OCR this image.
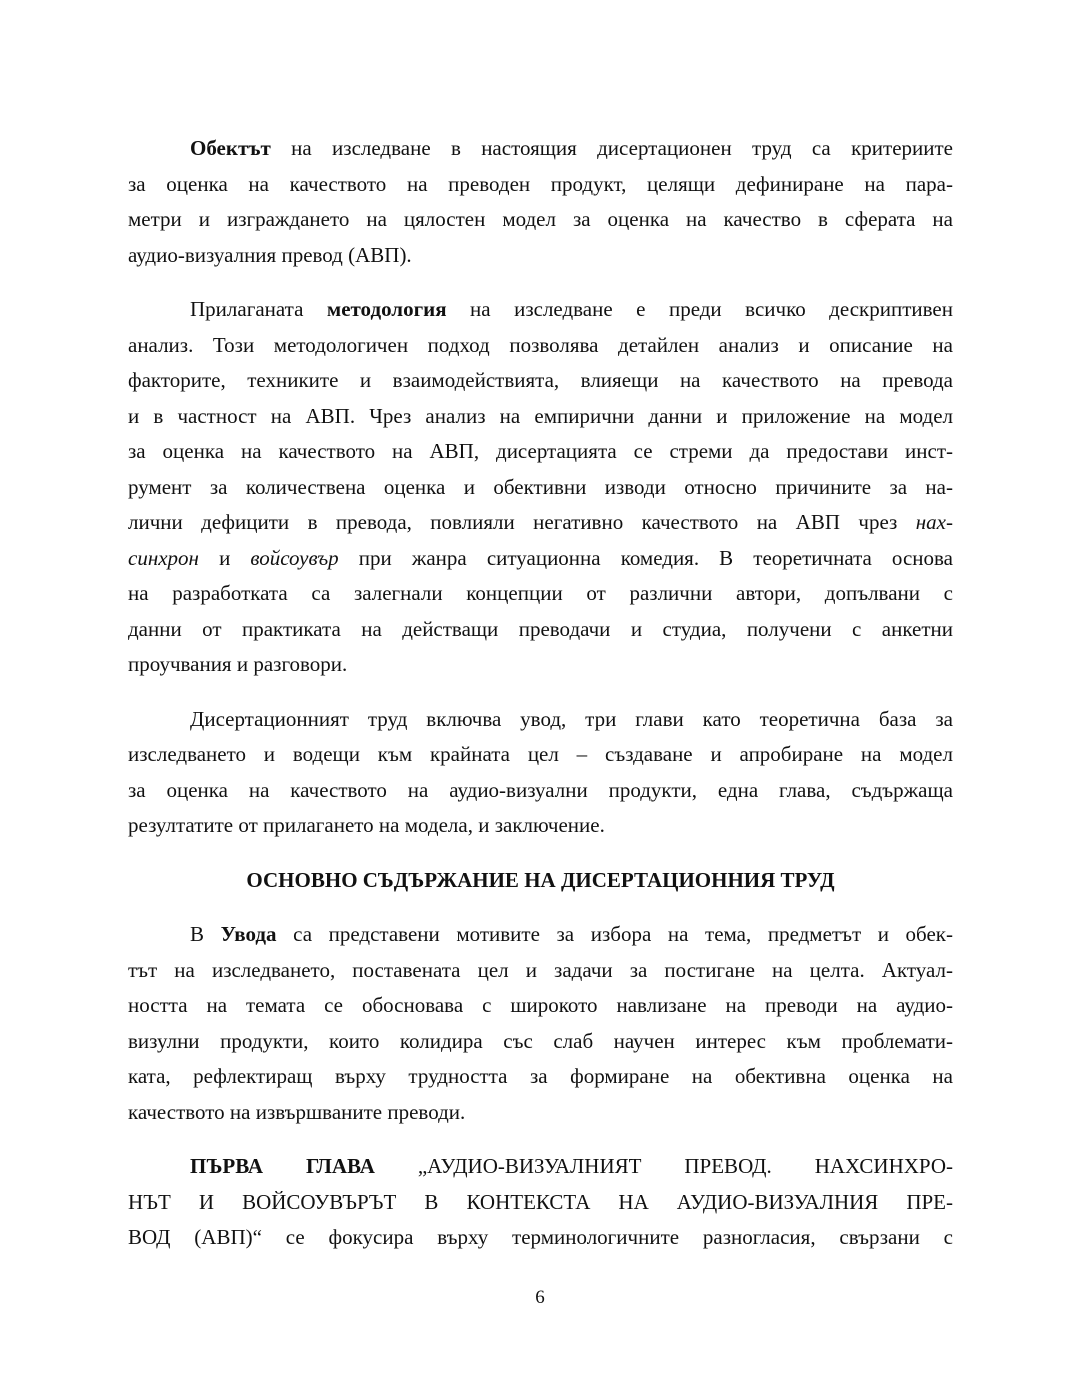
Обектът на изследване в настоящия дисертационен труд са критериите
за оценка на качеството на преводен продукт, целящи дефиниране на пара-
метри и изграждането на цялостен модел за оценка на качество в сферата на
аудио-визуалния превод (АВП).
Прилаганата методология на изследване е преди всичко дескриптивен
анализ. Този методологичен подход позволява детайлен анализ и описание на
факторите, техниките и взаимодействията, влияещи на качеството на превода
и в частност на АВП. Чрез анализ на емпирични данни и приложение на модел
за оценка на качеството на АВП, дисертацията се стреми да предостави инст-
румент за количествена оценка и обективни изводи относно причините за на-
лични дефицити в превода, повлияли негативно качеството на АВП чрез нах-
синхрон и войсоувър при жанра ситуационна комедия. В теоретичната основа
на разработката са залегнали концепции от различни автори, допълвани с
данни от практиката на действащи преводачи и студиа, получени с анкетни
проучвания и разговори.
Дисертационният труд включва увод, три глави като теоретична база за
изследването и водещи към крайната цел – създаване и апробиране на модел
за оценка на качеството на аудио-визуални продукти, една глава, съдържаща
резултатите от прилагането на модела, и заключение.
ОСНОВНО СЪДЪРЖАНИЕ НА ДИСЕРТАЦИОННИЯ ТРУД
В Увода са представени мотивите за избора на тема, предметът и обек-
тът на изследването, поставената цел и задачи за постигане на целта. Актуал-
ността на темата се обосновава с широкото навлизане на преводи на аудио-
визулни продукти, които колидира със слаб научен интерес към проблемати-
ката, рефлектиращ върху трудността за формиране на обективна оценка на
качеството на извършваните преводи.
ПЪРВА ГЛАВА „АУДИО-ВИЗУАЛНИЯТ ПРЕВОД. НАХСИНХРО-
НЪТ И ВОЙСОУВЪРЪТ В КОНТЕКСТА НА АУДИО-ВИЗУАЛНИЯ ПРЕ-
ВОД (АВП)“ се фокусира върху терминологичните разногласия, свързани с
6
